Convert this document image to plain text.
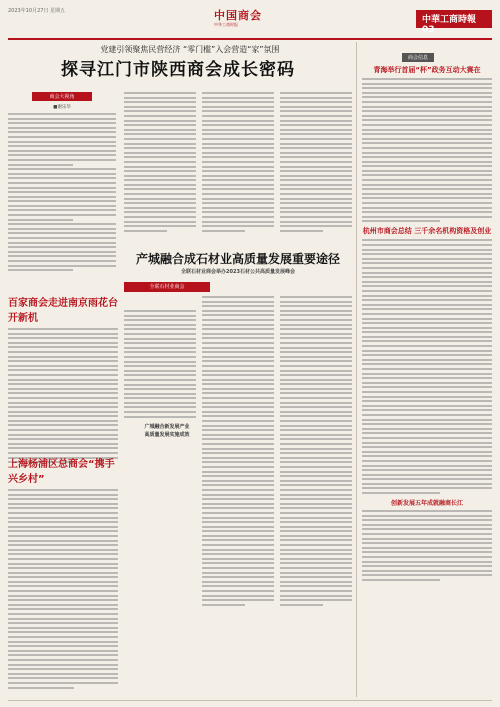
2023年10月27日 星期五	中国商会
中华工商时报	中華工商時報 03
党建引领聚焦民营经济 “零门槛”入会营造“家”氛围
探寻江门市陕西商会成长密码
商会大视角
■谢乐华
百家商会走进南京雨花台开新机
上海杨浦区总商会“携手兴乡村”
产城融合成石材业高质量发展重要途径
全联石材业商会举办2023石材公共高质量发展峰会
全联石材业商会
广城融合新发展产业
高质量发展实施成效
商会信息
青海举行首届“杯”政务互动大赛在
杭州市商会总结 三千余名机构资格及创业
创新发展五年成就融商长江
